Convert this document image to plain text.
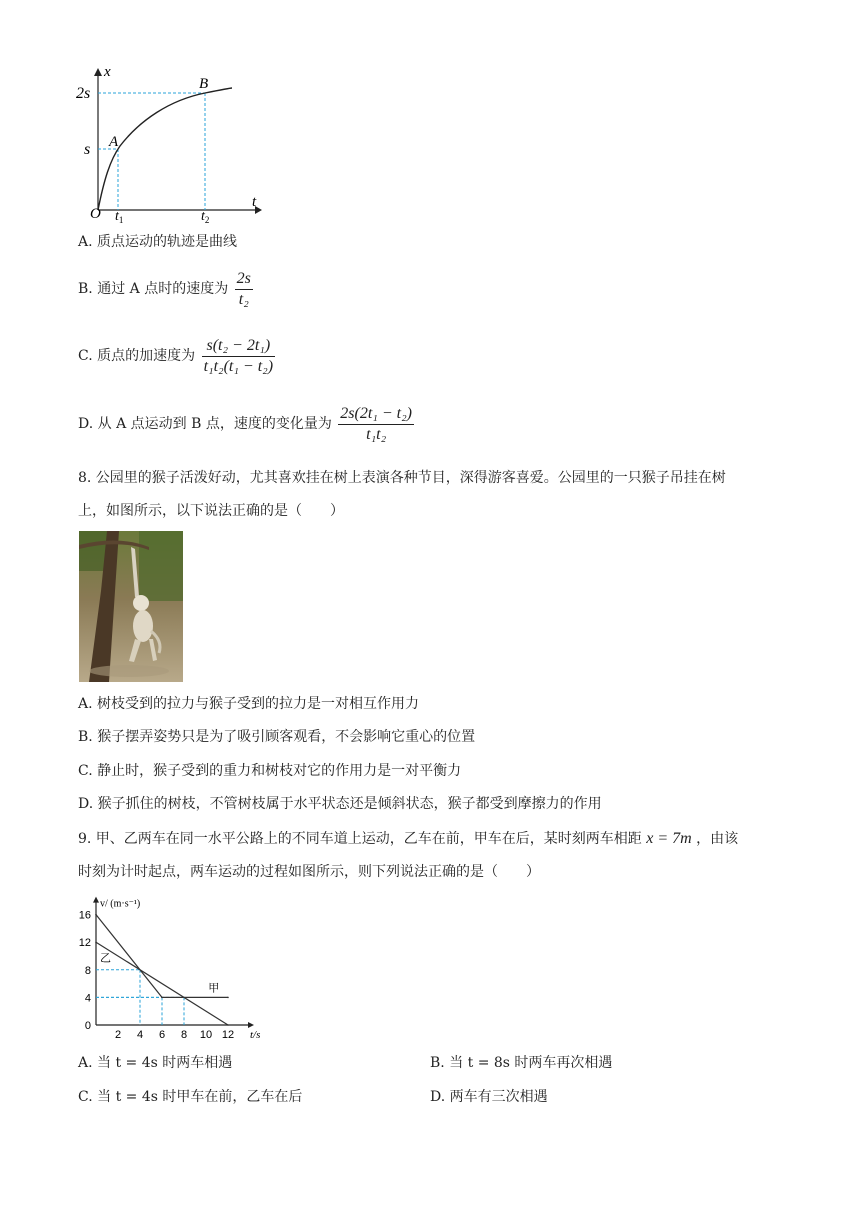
x
2s
s A
B
O
t
$t_1$	$t_2$
A. 质点运动的轨迹是曲线
B. 通过 A 点时的速度为 $\frac{2s}{\text{t₂}}$
C. 质点的加速度为 $\frac{\text{s(t₂ − 2t₁)}}{\text{t₁t₂(t₁ − t₂)}}$
D. 从 A 点运动到 B 点，速度的变化量为 $\frac{\text{2s(2t₁ − t₂)}}{\text{t₁t₂}}$
8. 公园里的猴子活泼好动，尤其喜欢挂在树上表演各种节目，深得游客喜爱。公园里的一只猴子吊挂在树
上，如图所示，以下说法正确的是（　　）
A. 树枝受到的拉力与猴子受到的拉力是一对相互作用力
B. 猴子摆弄姿势只是为了吸引顾客观看，不会影响它重心的位置
C. 静止时，猴子受到的重力和树枝对它的作用力是一对平衡力
D. 猴子抓住的树枝，不管树枝属于水平状态还是倾斜状态，猴子都受到摩擦力的作用
9. 甲、乙两车在同一水平公路上的不同车道上运动，乙车在前，甲车在后，某时刻两车相距 x = 7m ，由该
时刻为计时起点，两车运动的过程如图所示，则下列说法正确的是（　　）
v/ (m·s⁻¹)
t/s
0
4
8
12
16
2 4 6 8 10 12
甲
乙
A. 当 t = 4s 时两车相遇	B. 当 t = 8s 时两车再次相遇
C. 当 t = 4s 时甲车在前，乙车在后	D. 两车有三次相遇
